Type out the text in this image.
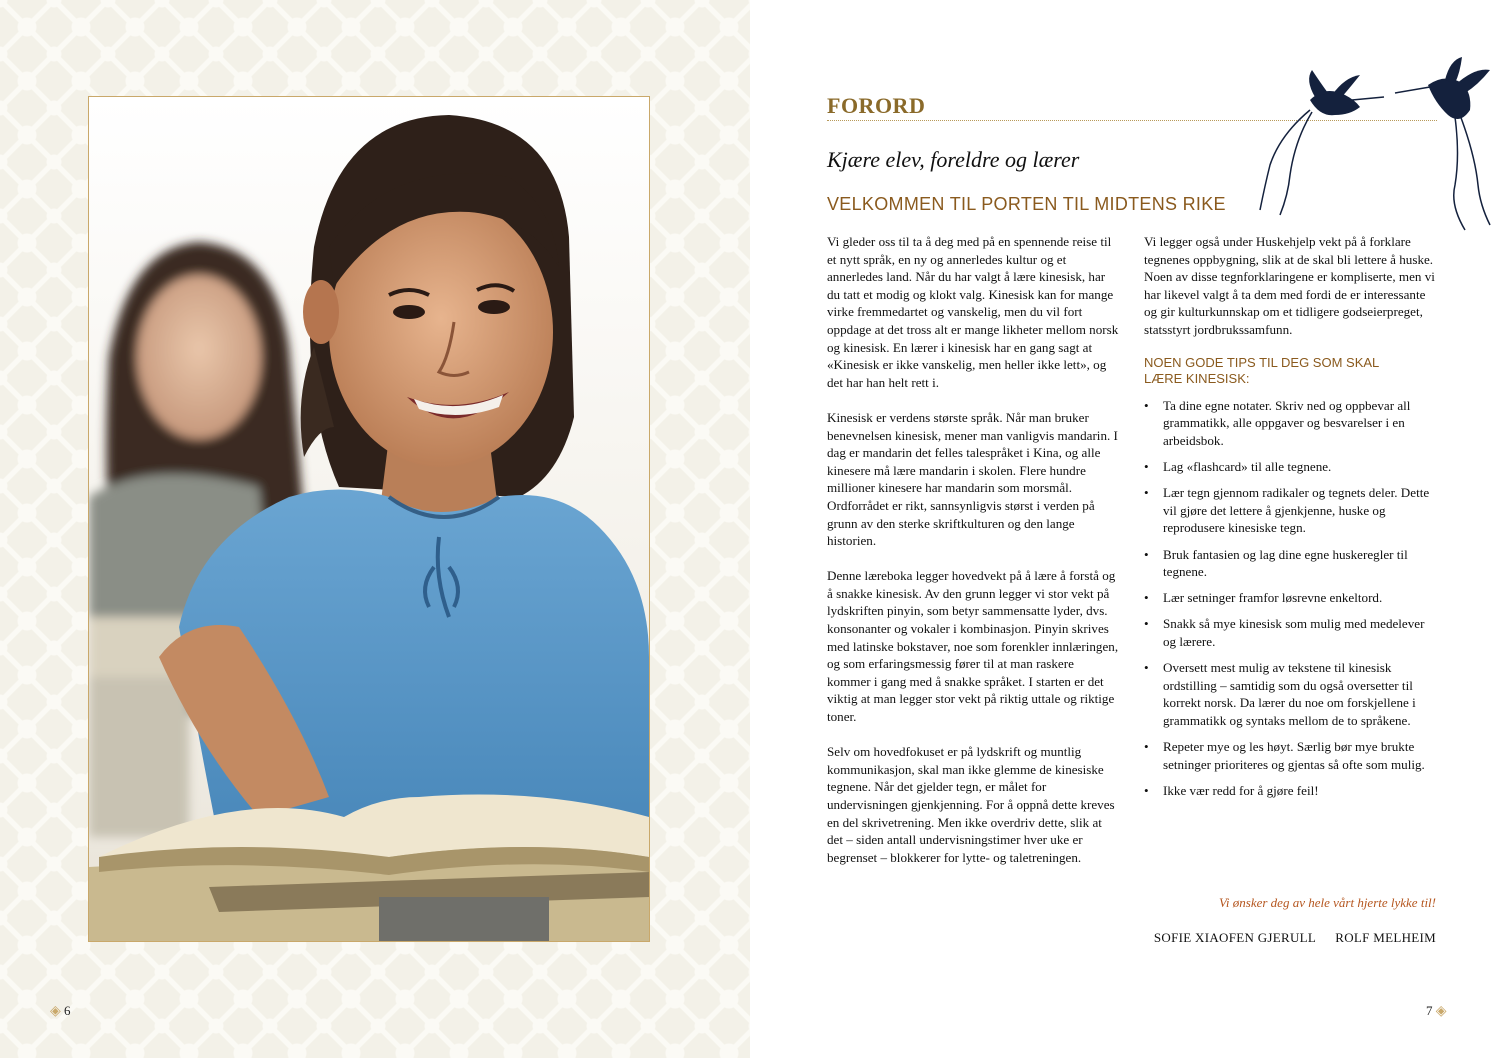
◈ 6
FORORD
Kjære elev, foreldre og lærer
VELKOMMEN TIL PORTEN TIL MIDTENS RIKE

Vi gleder oss til ta å deg med på en spennende reise til et nytt språk, en ny og annerledes kultur og et annerledes land. Når du har valgt å lære kinesisk, har du tatt et modig og klokt valg. Kinesisk kan for mange virke fremmedartet og vanskelig, men du vil fort oppdage at det tross alt er mange likheter mellom norsk og kinesisk. En lærer i kinesisk har en gang sagt at «Kinesisk er ikke vanskelig, men heller ikke lett», og det har han helt rett i.

Kinesisk er verdens største språk. Når man bruker benevnelsen kinesisk, mener man vanligvis mandarin. I dag er mandarin det felles talespråket i Kina, og alle kinesere må lære mandarin i skolen. Flere hundre millioner kinesere har mandarin som morsmål. Ordforrådet er rikt, sannsynligvis størst i verden på grunn av den sterke skriftkulturen og den lange historien.

Denne læreboka legger hovedvekt på å lære å forstå og å snakke kinesisk. Av den grunn legger vi stor vekt på lydskriften pinyin, som betyr sammensatte lyder, dvs. konsonanter og vokaler i kombinasjon. Pinyin skrives med latinske bokstaver, noe som forenkler innlæringen, og som erfaringsmessig fører til at man raskere kommer i gang med å snakke språket. I starten er det viktig at man legger stor vekt på riktig uttale og riktige toner.

Selv om hovedfokuset er på lydskrift og muntlig kommunikasjon, skal man ikke glemme de kinesiske tegnene. Når det gjelder tegn, er målet for undervisningen gjenkjenning. For å oppnå dette kreves en del skrivetrening. Men ikke overdriv dette, slik at det – siden antall undervisningstimer hver uke er begrenset – blokkerer for lytte- og taletreningen.

Vi legger også under Huskehjelp vekt på å forklare tegnenes oppbygning, slik at de skal bli lettere å huske. Noen av disse tegnforklaringene er kompliserte, men vi har likevel valgt å ta dem med fordi de er interessante og gir kulturkunnskap om et tidligere godseierpreget, statsstyrt jordbrukssamfunn.

NOEN GODE TIPS TIL DEG SOM SKAL
LÆRE KINESISK:
• Ta dine egne notater. Skriv ned og oppbevar all grammatikk, alle oppgaver og besvarelser i en arbeidsbok.
• Lag «flashcard» til alle tegnene.
• Lær tegn gjennom radikaler og tegnets deler. Dette vil gjøre det lettere å gjenkjenne, huske og reprodusere kinesiske tegn.
• Bruk fantasien og lag dine egne huskeregler til tegnene.
• Lær setninger framfor løsrevne enkeltord.
• Snakk så mye kinesisk som mulig med medelever og lærere.
• Oversett mest mulig av tekstene til kinesisk ordstilling – samtidig som du også oversetter til korrekt norsk. Da lærer du noe om forskjellene i grammatikk og syntaks mellom de to språkene.
• Repeter mye og les høyt. Særlig bør mye brukte setninger prioriteres og gjentas så ofte som mulig.
• Ikke vær redd for å gjøre feil!
Vi ønsker deg av hele vårt hjerte lykke til!
SOFIE XIAOFEN GJERULL ROLF MELHEIM
7 ◈
